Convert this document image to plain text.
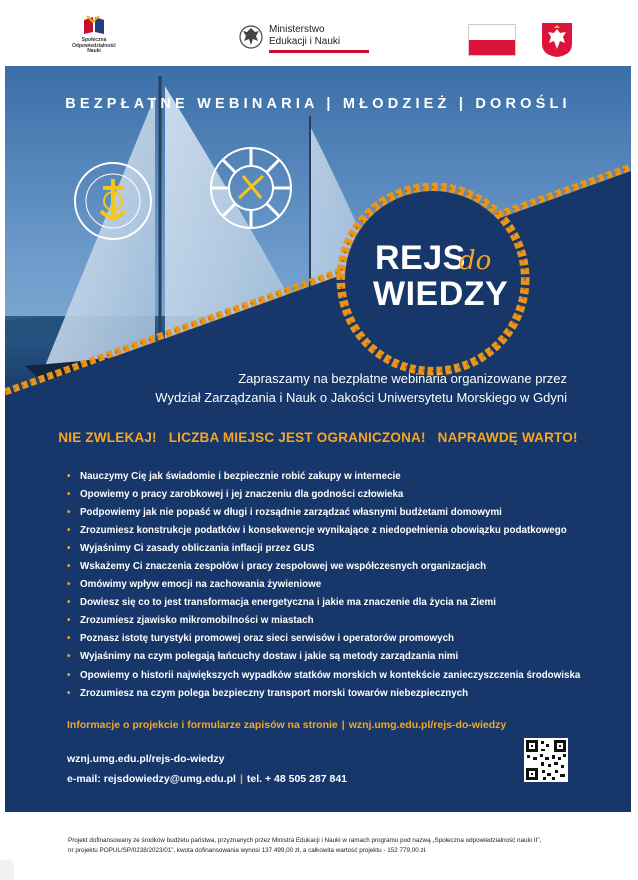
Społeczna
Odpowiedzialność
Nauki
Ministerstwo
Edukacji i Nauki
BEZPŁATNE WEBINARIA | MŁODZIEŻ | DOROŚLI
REJS
do
WIEDZY
Zapraszamy na bezpłatne webinaria organizowane przez
Wydział Zarządzania i Nauk o Jakości Uniwersytetu Morskiego w Gdyni
NIE ZWLEKAJ! LICZBA MIEJSC JEST OGRANICZONA! NAPRAWDĘ WARTO!
• Nauczymy Cię jak świadomie i bezpiecznie robić zakupy w internecie
• Opowiemy o pracy zarobkowej i jej znaczeniu dla godności człowieka
• Podpowiemy jak nie popaść w długi i rozsądnie zarządzać własnymi budżetami domowymi
• Zrozumiesz konstrukcje podatków i konsekwencje wynikające z niedopełnienia obowiązku podatkowego
• Wyjaśnimy Ci zasady obliczania inflacji przez GUS
• Wskażemy Ci znaczenia zespołów i pracy zespołowej we współczesnych organizacjach
• Omówimy wpływ emocji na zachowania żywieniowe
• Dowiesz się co to jest transformacja energetyczna i jakie ma znaczenie dla życia na Ziemi
• Zrozumiesz zjawisko mikromobilności w miastach
• Poznasz istotę turystyki promowej oraz sieci serwisów i operatorów promowych
• Wyjaśnimy na czym polegają łańcuchy dostaw i jakie są metody zarządzania nimi
• Opowiemy o historii największych wypadków statków morskich w kontekście zanieczyszczenia środowiska
• Zrozumiesz na czym polega bezpieczny transport morski towarów niebezpiecznych
Informacje o projekcie i formularze zapisów na stronie | wznj.umg.edu.pl/rejs-do-wiedzy
wznj.umg.edu.pl/rejs-do-wiedzy
e-mail: rejsdowiedzy@umg.edu.pl | tel. + 48 505 287 841
Projekt dofinansowany ze środków budżetu państwa, przyznanych przez Ministra Edukacji i Nauki w ramach programu pod nazwą „Społeczna odpowiedzialność nauki II”,
nr projektu POPUL/SP/0238/2023/01”, kwota dofinansowania wynosi 137 499,00 zł, a całkowita wartość projektu - 152 779,00 zł.
